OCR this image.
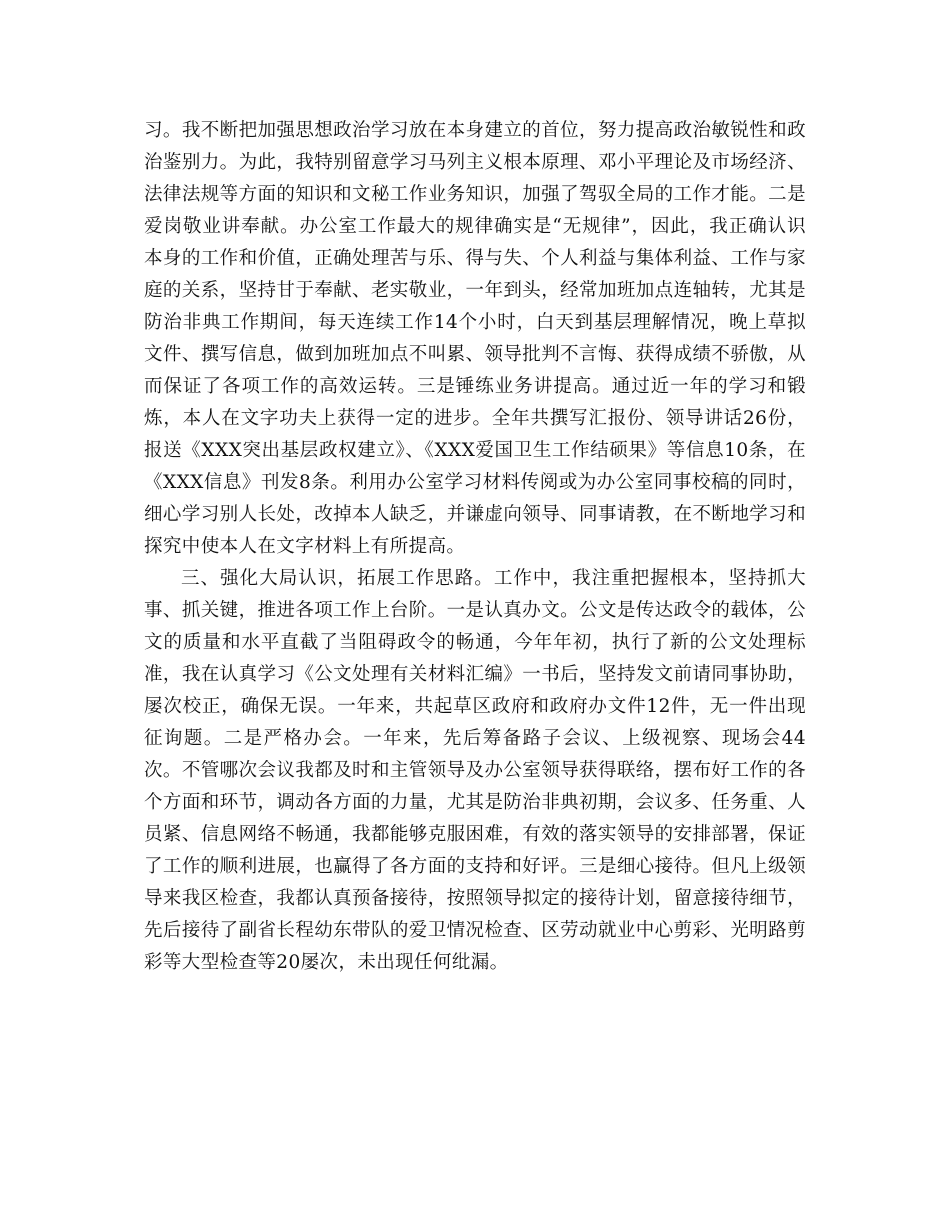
习。我不断把加强思想政治学习放在本身建立的首位，努力提高政治敏锐性和政治鉴别力。为此，我特别留意学习马列主义根本原理、邓小平理论及市场经济、法律法规等方面的知识和文秘工作业务知识，加强了驾驭全局的工作才能。二是爱岗敬业讲奉献。办公室工作最大的规律确实是“无规律”，因此，我正确认识本身的工作和价值，正确处理苦与乐、得与失、个人利益与集体利益、工作与家庭的关系，坚持甘于奉献、老实敬业，一年到头，经常加班加点连轴转，尤其是防治非典工作期间，每天连续工作14个小时，白天到基层理解情况，晚上草拟文件、撰写信息，做到加班加点不叫累、领导批判不言悔、获得成绩不骄傲，从而保证了各项工作的高效运转。三是锤练业务讲提高。通过近一年的学习和锻炼，本人在文字功夫上获得一定的进步。全年共撰写汇报份、领导讲话26份，报送《XXX突出基层政权建立》、《XXX爱国卫生工作结硕果》等信息10条，在《XXX信息》刊发8条。利用办公室学习材料传阅或为办公室同事校稿的同时，细心学习别人长处，改掉本人缺乏，并谦虚向领导、同事请教，在不断地学习和探究中使本人在文字材料上有所提高。

三、强化大局认识，拓展工作思路。工作中，我注重把握根本，坚持抓大事、抓关键，推进各项工作上台阶。一是认真办文。公文是传达政令的载体，公文的质量和水平直截了当阻碍政令的畅通，今年年初，执行了新的公文处理标准，我在认真学习《公文处理有关材料汇编》一书后，坚持发文前请同事协助，屡次校正，确保无误。一年来，共起草区政府和政府办文件12件，无一件出现征询题。二是严格办会。一年来，先后筹备路子会议、上级视察、现场会44次。不管哪次会议我都及时和主管领导及办公室领导获得联络，摆布好工作的各个方面和环节，调动各方面的力量，尤其是防治非典初期，会议多、任务重、人员紧、信息网络不畅通，我都能够克服困难，有效的落实领导的安排部署，保证了工作的顺利进展，也赢得了各方面的支持和好评。三是细心接待。但凡上级领导来我区检查，我都认真预备接待，按照领导拟定的接待计划，留意接待细节，先后接待了副省长程幼东带队的爱卫情况检查、区劳动就业中心剪彩、光明路剪彩等大型检查等20屡次，未出现任何纰漏。
